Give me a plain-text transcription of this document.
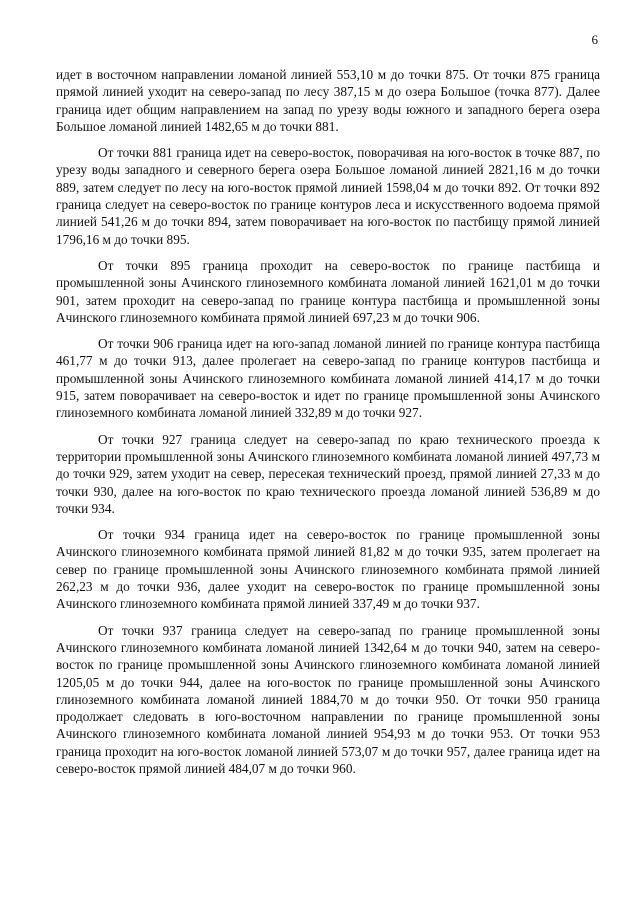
6

идет в восточном направлении ломаной линией 553,10 м до точки 875. От точки 875 граница прямой линией уходит на северо-запад по лесу 387,15 м до озера Большое (точка 877). Далее граница идет общим направлением на запад по урезу воды южного и западного берега озера Большое ломаной линией 1482,65 м до точки 881.

От точки 881 граница идет на северо-восток, поворачивая на юго-восток в точке 887, по урезу воды западного и северного берега озера Большое ломаной линией 2821,16 м до точки 889, затем следует по лесу на юго-восток прямой линией 1598,04 м до точки 892. От точки 892 граница следует на северо-восток по границе контуров леса и искусственного водоема прямой линией 541,26 м до точки 894, затем поворачивает на юго-восток по пастбищу прямой линией 1796,16 м до точки 895.

От точки 895 граница проходит на северо-восток по границе пастбища и промышленной зоны Ачинского глиноземного комбината ломаной линией 1621,01 м до точки 901, затем проходит на северо-запад по границе контура пастбища и промышленной зоны Ачинского глиноземного комбината прямой линией 697,23 м до точки 906.

От точки 906 граница идет на юго-запад ломаной линией по границе контура пастбища 461,77 м до точки 913, далее пролегает на северо-запад по границе контуров пастбища и промышленной зоны Ачинского глиноземного комбината ломаной линией 414,17 м до точки 915, затем поворачивает на северо-восток и идет по границе промышленной зоны Ачинского глиноземного комбината ломаной линией 332,89 м до точки 927.

От точки 927 граница следует на северо-запад по краю технического проезда к территории промышленной зоны Ачинского глиноземного комбината ломаной линией 497,73 м до точки 929, затем уходит на север, пересекая технический проезд, прямой линией 27,33 м до точки 930, далее на юго-восток по краю технического проезда ломаной линией 536,89 м до точки 934.

От точки 934 граница идет на северо-восток по границе промышленной зоны Ачинского глиноземного комбината прямой линией 81,82 м до точки 935, затем пролегает на север по границе промышленной зоны Ачинского глиноземного комбината прямой линией 262,23 м до точки 936, далее уходит на северо-восток по границе промышленной зоны Ачинского глиноземного комбината прямой линией 337,49 м до точки 937.

От точки 937 граница следует на северо-запад по границе промышленной зоны Ачинского глиноземного комбината ломаной линией 1342,64 м до точки 940, затем на северо-восток по границе промышленной зоны Ачинского глиноземного комбината ломаной линией 1205,05 м до точки 944, далее на юго-восток по границе промышленной зоны Ачинского глиноземного комбината ломаной линией 1884,70 м до точки 950. От точки 950 граница продолжает следовать в юго-восточном направлении по границе промышленной зоны Ачинского глиноземного комбината ломаной линией 954,93 м до точки 953. От точки 953 граница проходит на юго-восток ломаной линией 573,07 м до точки 957, далее граница идет на северо-восток прямой линией 484,07 м до точки 960.
